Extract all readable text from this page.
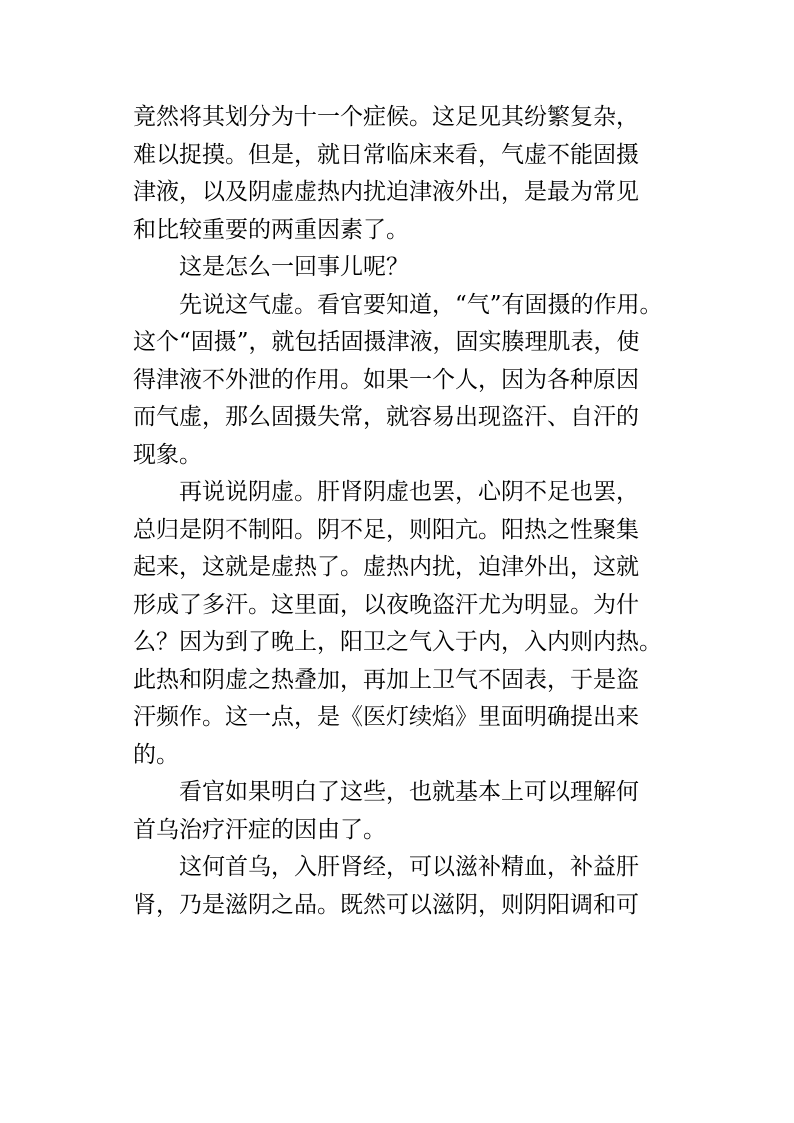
竟然将其划分为十一个症候。这足见其纷繁复杂，
难以捉摸。但是，就日常临床来看，气虚不能固摄
津液，以及阴虚虚热内扰迫津液外出，是最为常见
和比较重要的两重因素了。
这是怎么一回事儿呢？
先说这气虚。看官要知道，“气”有固摄的作用。
这个“固摄”，就包括固摄津液，固实腠理肌表，使
得津液不外泄的作用。如果一个人，因为各种原因
而气虚，那么固摄失常，就容易出现盗汗、自汗的
现象。
再说说阴虚。肝肾阴虚也罢，心阴不足也罢，
总归是阴不制阳。阴不足，则阳亢。阳热之性聚集
起来，这就是虚热了。虚热内扰，迫津外出，这就
形成了多汗。这里面，以夜晚盗汗尤为明显。为什
么？因为到了晚上，阳卫之气入于内，入内则内热。
此热和阴虚之热叠加，再加上卫气不固表，于是盗
汗频作。这一点，是《医灯续焰》里面明确提出来
的。
看官如果明白了这些，也就基本上可以理解何
首乌治疗汗症的因由了。
这何首乌，入肝肾经，可以滋补精血，补益肝
肾，乃是滋阴之品。既然可以滋阴，则阴阳调和可
